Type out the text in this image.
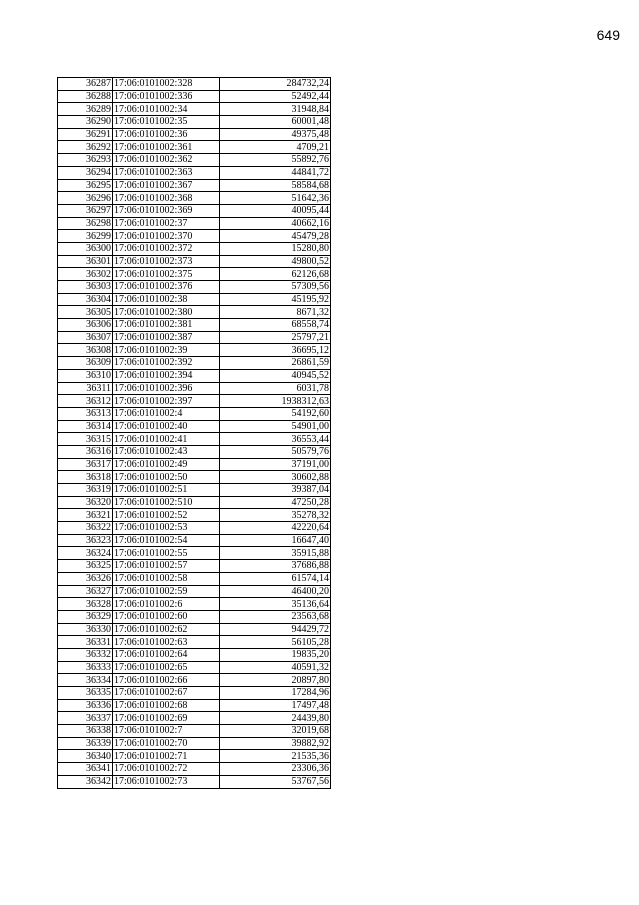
649
36287	17:06:0101002:328	284732,24
36288	17:06:0101002:336	52492,44
36289	17:06:0101002:34	31948,84
36290	17:06:0101002:35	60001,48
36291	17:06:0101002:36	49375,48
36292	17:06:0101002:361	4709,21
36293	17:06:0101002:362	55892,76
36294	17:06:0101002:363	44841,72
36295	17:06:0101002:367	58584,68
36296	17:06:0101002:368	51642,36
36297	17:06:0101002:369	40095,44
36298	17:06:0101002:37	40662,16
36299	17:06:0101002:370	45479,28
36300	17:06:0101002:372	15280,80
36301	17:06:0101002:373	49800,52
36302	17:06:0101002:375	62126,68
36303	17:06:0101002:376	57309,56
36304	17:06:0101002:38	45195,92
36305	17:06:0101002:380	8671,32
36306	17:06:0101002:381	68558,74
36307	17:06:0101002:387	25797,21
36308	17:06:0101002:39	36695,12
36309	17:06:0101002:392	26861,59
36310	17:06:0101002:394	40945,52
36311	17:06:0101002:396	6031,78
36312	17:06:0101002:397	1938312,63
36313	17:06:0101002:4	54192,60
36314	17:06:0101002:40	54901,00
36315	17:06:0101002:41	36553,44
36316	17:06:0101002:43	50579,76
36317	17:06:0101002:49	37191,00
36318	17:06:0101002:50	30602,88
36319	17:06:0101002:51	39387,04
36320	17:06:0101002:510	47250,28
36321	17:06:0101002:52	35278,32
36322	17:06:0101002:53	42220,64
36323	17:06:0101002:54	16647,40
36324	17:06:0101002:55	35915,88
36325	17:06:0101002:57	37686,88
36326	17:06:0101002:58	61574,14
36327	17:06:0101002:59	46400,20
36328	17:06:0101002:6	35136,64
36329	17:06:0101002:60	23563,68
36330	17:06:0101002:62	94429,72
36331	17:06:0101002:63	56105,28
36332	17:06:0101002:64	19835,20
36333	17:06:0101002:65	40591,32
36334	17:06:0101002:66	20897,80
36335	17:06:0101002:67	17284,96
36336	17:06:0101002:68	17497,48
36337	17:06:0101002:69	24439,80
36338	17:06:0101002:7	32019,68
36339	17:06:0101002:70	39882,92
36340	17:06:0101002:71	21535,36
36341	17:06:0101002:72	23306,36
36342	17:06:0101002:73	53767,56
